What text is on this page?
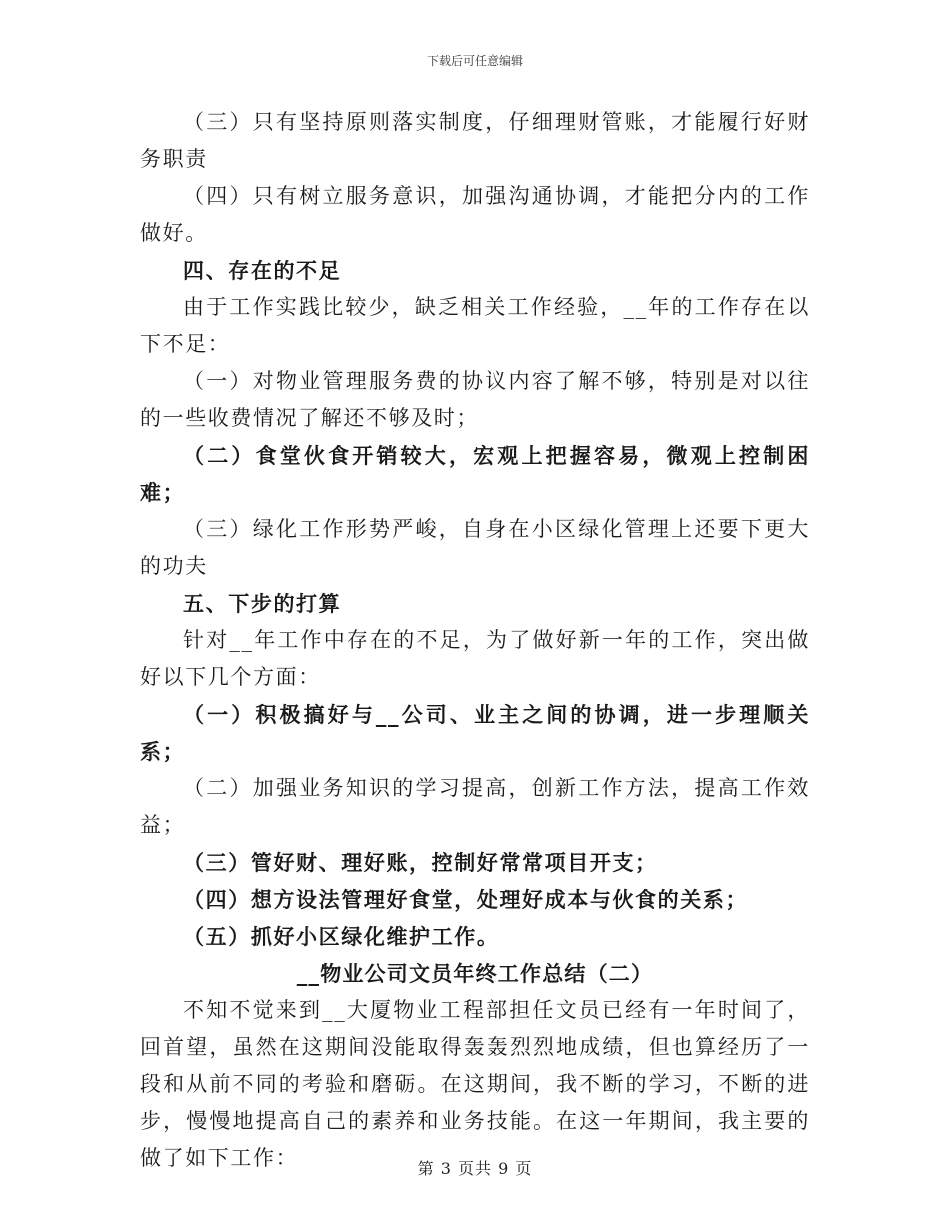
下载后可任意编辑

（三）只有坚持原则落实制度，仔细理财管账，才能履行好财务职责

（四）只有树立服务意识，加强沟通协调，才能把分内的工作做好。

四、存在的不足

由于工作实践比较少，缺乏相关工作经验，__年的工作存在以下不足：

（一）对物业管理服务费的协议内容了解不够，特别是对以往的一些收费情况了解还不够及时；

（二）食堂伙食开销较大，宏观上把握容易，微观上控制困难；

（三）绿化工作形势严峻，自身在小区绿化管理上还要下更大的功夫

五、下步的打算

针对__年工作中存在的不足，为了做好新一年的工作，突出做好以下几个方面：

（一）积极搞好与__公司、业主之间的协调，进一步理顺关系；

（二）加强业务知识的学习提高，创新工作方法，提高工作效益；

（三）管好财、理好账，控制好常常项目开支；

（四）想方设法管理好食堂，处理好成本与伙食的关系；

（五）抓好小区绿化维护工作。

__物业公司文员年终工作总结（二）

不知不觉来到__大厦物业工程部担任文员已经有一年时间了，回首望，虽然在这期间没能取得轰轰烈烈地成绩，但也算经历了一段和从前不同的考验和磨砺。在这期间，我不断的学习，不断的进步，慢慢地提高自己的素养和业务技能。在这一年期间，我主要的做了如下工作：	第 3 页共 9 页
